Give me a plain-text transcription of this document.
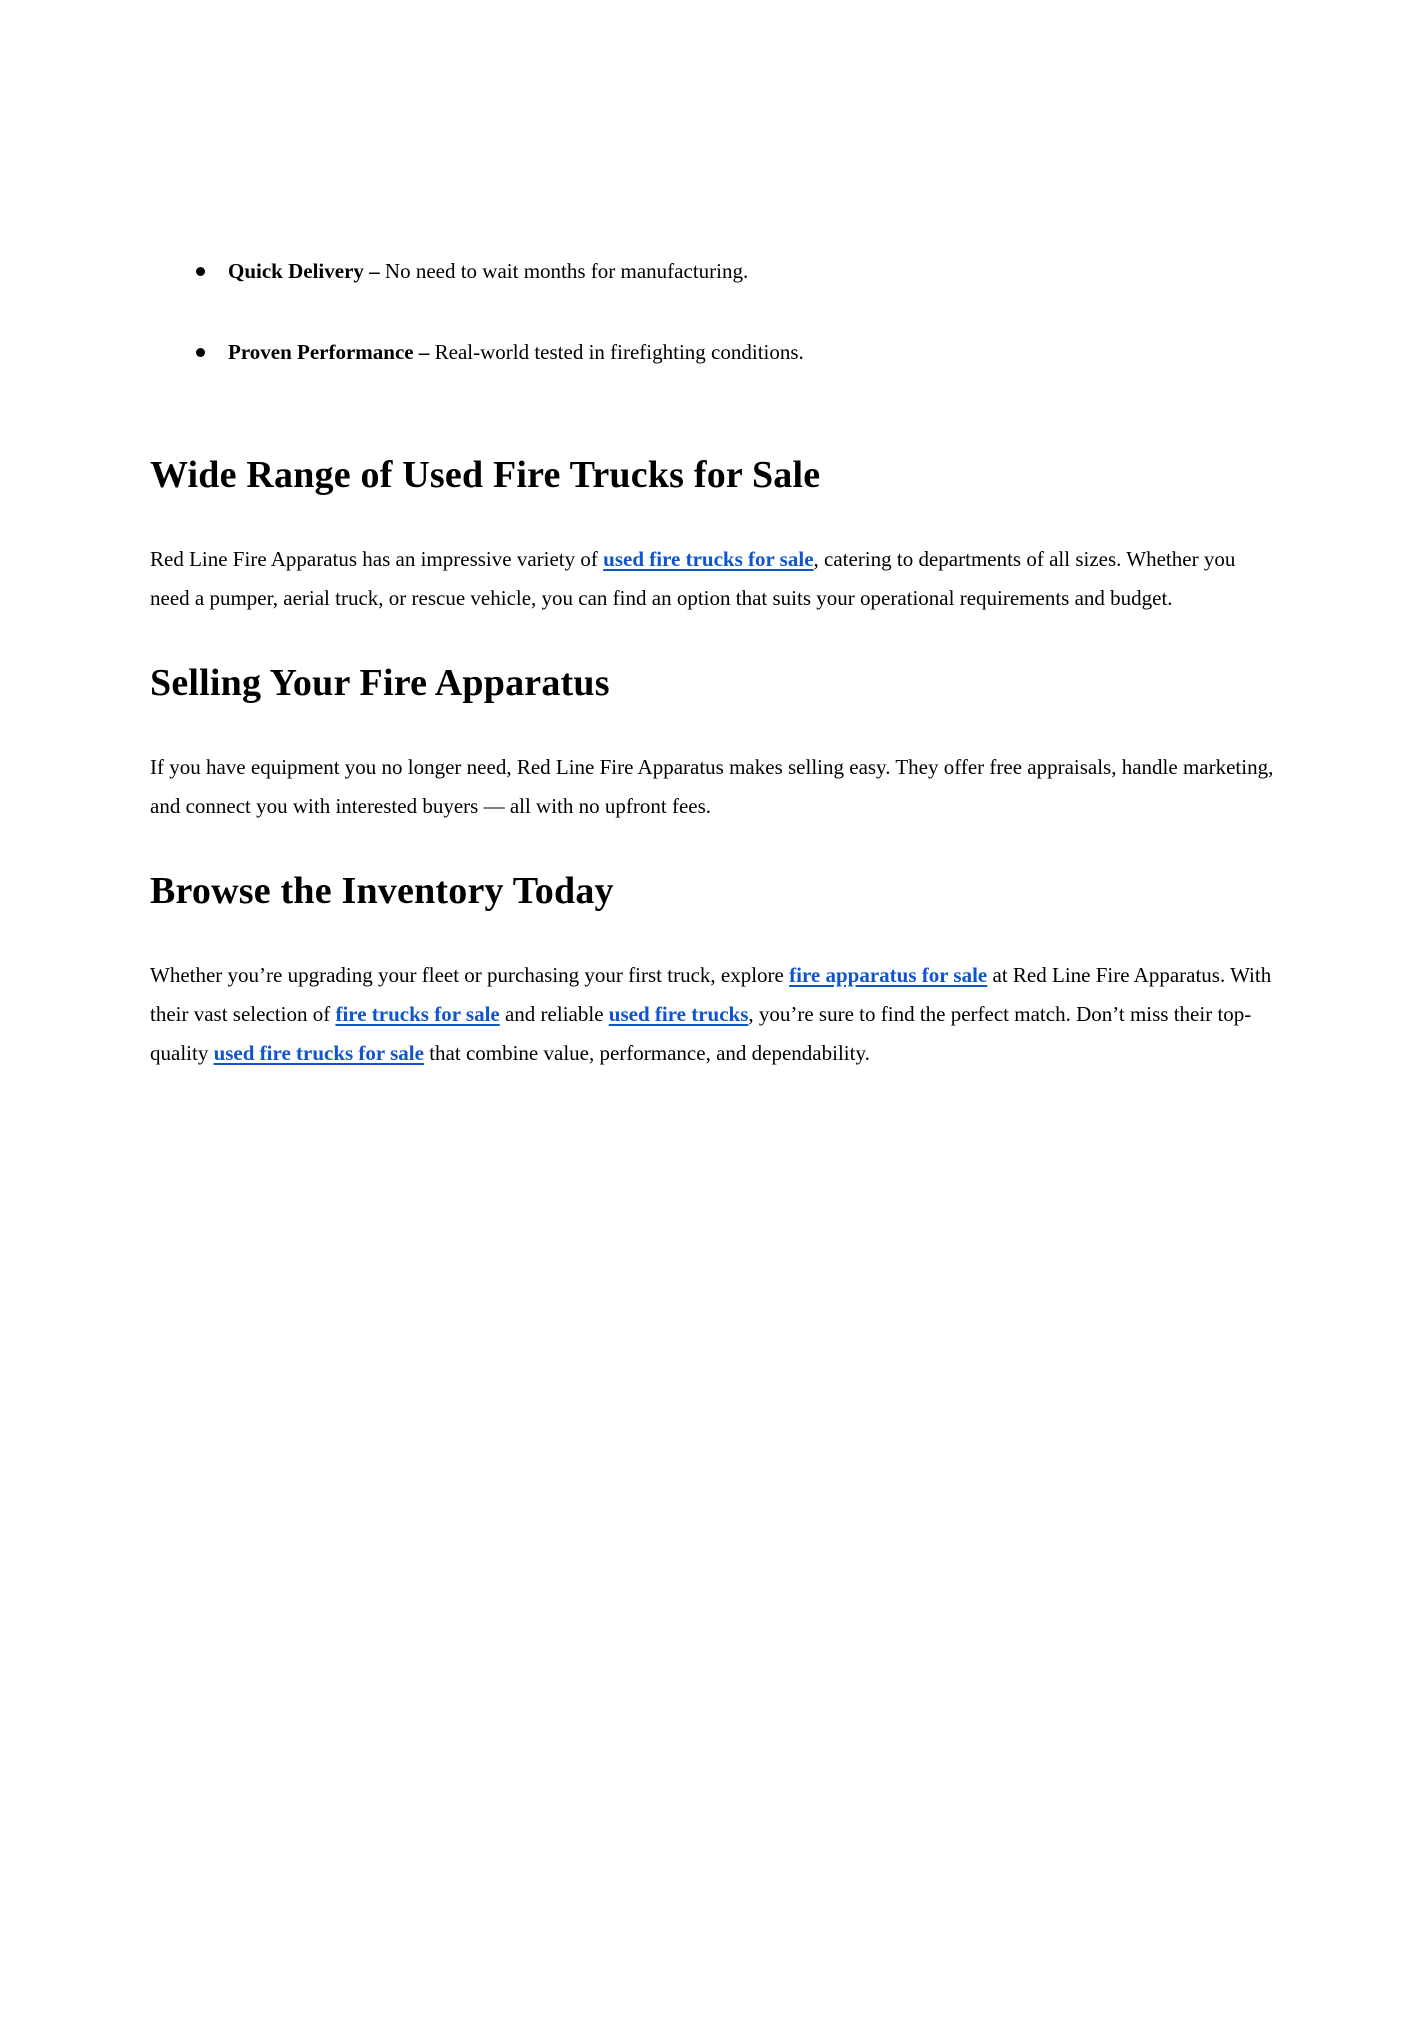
Quick Delivery – No need to wait months for manufacturing.
Proven Performance – Real-world tested in firefighting conditions.
Wide Range of Used Fire Trucks for Sale

Red Line Fire Apparatus has an impressive variety of used fire trucks for sale, catering to departments of all sizes. Whether you need a pumper, aerial truck, or rescue vehicle, you can find an option that suits your operational requirements and budget.

Selling Your Fire Apparatus

If you have equipment you no longer need, Red Line Fire Apparatus makes selling easy. They offer free appraisals, handle marketing, and connect you with interested buyers — all with no upfront fees.

Browse the Inventory Today

Whether you’re upgrading your fleet or purchasing your first truck, explore fire apparatus for sale at Red Line Fire Apparatus. With their vast selection of fire trucks for sale and reliable used fire trucks, you’re sure to find the perfect match. Don’t miss their top-quality used fire trucks for sale that combine value, performance, and dependability.
